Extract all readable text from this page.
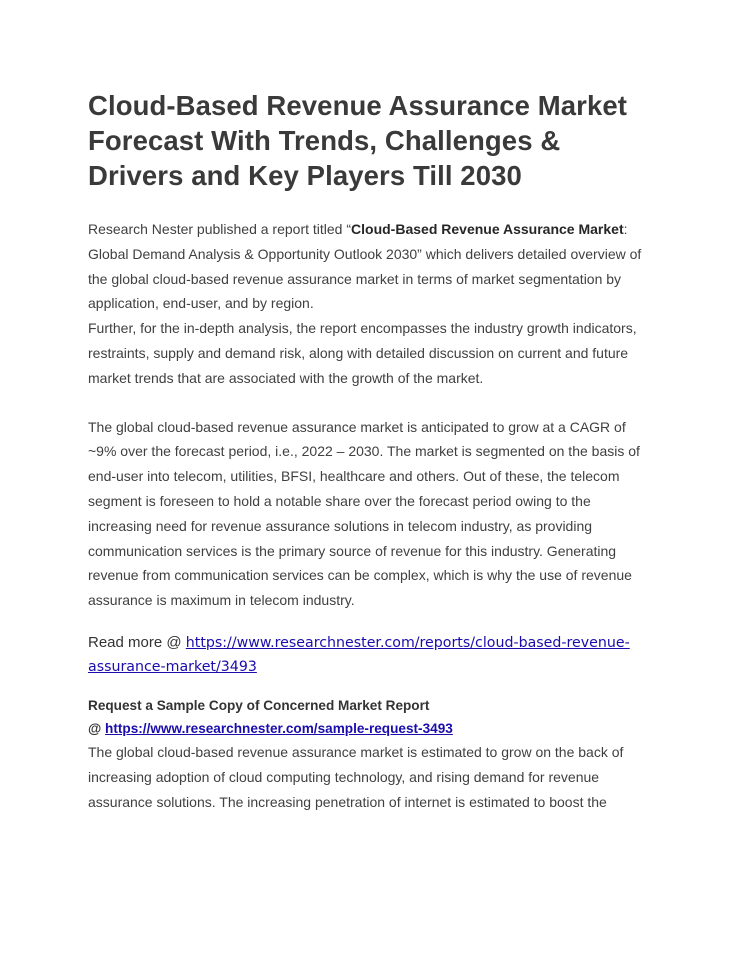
Cloud-Based Revenue Assurance Market Forecast With Trends, Challenges & Drivers and Key Players Till 2030

Research Nester published a report titled “Cloud-Based Revenue Assurance Market: Global Demand Analysis & Opportunity Outlook 2030” which delivers detailed overview of the global cloud-based revenue assurance market in terms of market segmentation by application, end-user, and by region.

Further, for the in-depth analysis, the report encompasses the industry growth indicators, restraints, supply and demand risk, along with detailed discussion on current and future market trends that are associated with the growth of the market.

The global cloud-based revenue assurance market is anticipated to grow at a CAGR of ~9% over the forecast period, i.e., 2022 – 2030. The market is segmented on the basis of end-user into telecom, utilities, BFSI, healthcare and others. Out of these, the telecom segment is foreseen to hold a notable share over the forecast period owing to the increasing need for revenue assurance solutions in telecom industry, as providing communication services is the primary source of revenue for this industry. Generating revenue from communication services can be complex, which is why the use of revenue assurance is maximum in telecom industry.

Read more @ https://www.researchnester.com/reports/cloud-based-revenue-assurance-market/3493

Request a Sample Copy of Concerned Market Report

@ https://www.researchnester.com/sample-request-3493

The global cloud-based revenue assurance market is estimated to grow on the back of increasing adoption of cloud computing technology, and rising demand for revenue assurance solutions. The increasing penetration of internet is estimated to boost the
